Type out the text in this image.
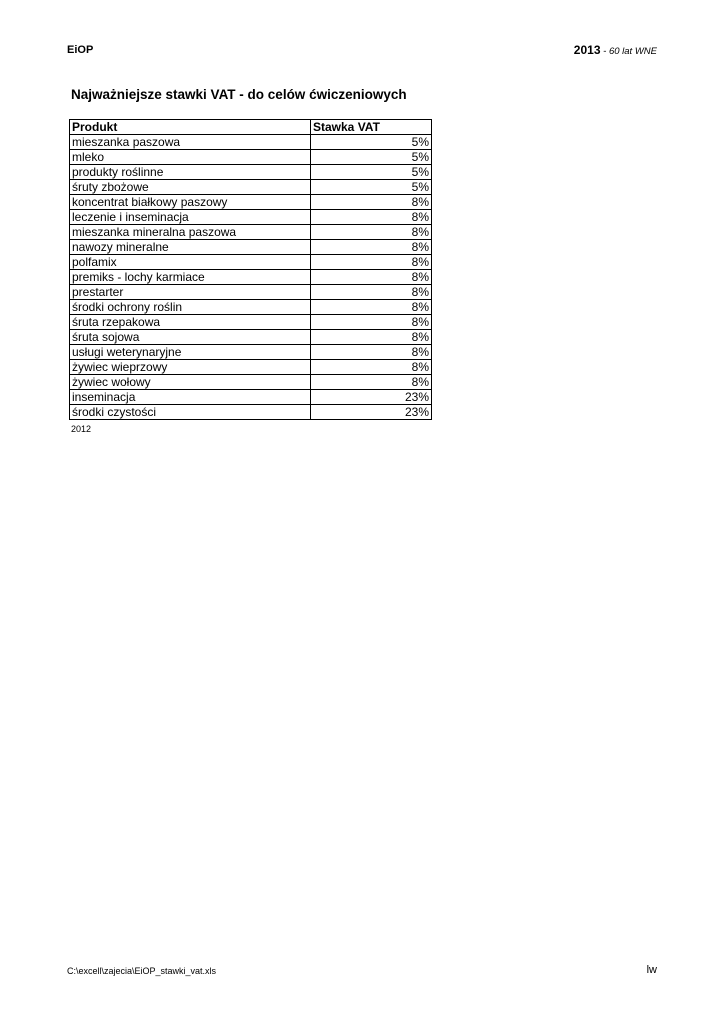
EiOP	2013 - 60 lat WNE
Najważniejsze stawki VAT - do celów ćwiczeniowych
Produkt	Stawka VAT
mieszanka paszowa	5%
mleko	5%
produkty roślinne	5%
śruty zbożowe	5%
koncentrat białkowy paszowy	8%
leczenie i inseminacja	8%
mieszanka mineralna paszowa	8%
nawozy mineralne	8%
polfamix	8%
premiks - lochy karmiace	8%
prestarter	8%
środki ochrony roślin	8%
śruta rzepakowa	8%
śruta sojowa	8%
usługi weterynaryjne	8%
żywiec wieprzowy	8%
żywiec wołowy	8%
inseminacja	23%
środki czystości	23%
2012
C:\excell\zajecia\EiOP_stawki_vat.xls	lw
